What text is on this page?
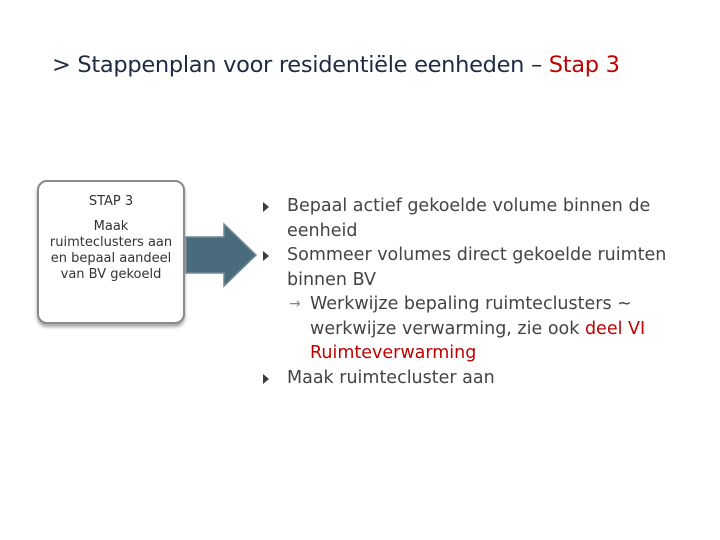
> Stappenplan voor residentiële eenheden – Stap 3
STAP 3
Maak ruimteclusters aan en bepaal aandeel van BV gekoeld
Bepaal actief gekoelde volume binnen de eenheid
Sommeer volumes direct gekoelde ruimten binnen BV
→ Werkwijze bepaling ruimteclusters ~ werkwijze verwarming, zie ook deel VI Ruimteverwarming
Maak ruimtecluster aan
